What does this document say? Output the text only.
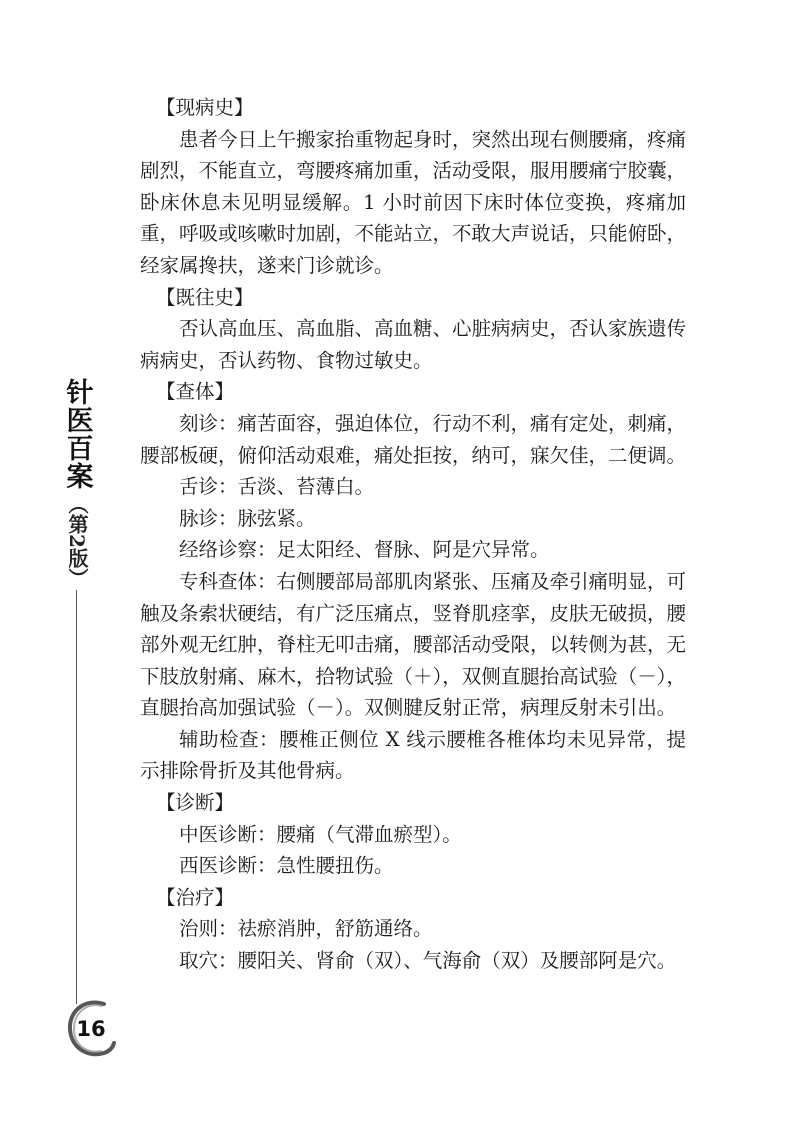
针医百案
（第2版）
16

【现病史】

患者今日上午搬家抬重物起身时，突然出现右侧腰痛，疼痛剧烈，不能直立，弯腰疼痛加重，活动受限，服用腰痛宁胶囊，卧床休息未见明显缓解。1 小时前因下床时体位变换，疼痛加重，呼吸或咳嗽时加剧，不能站立，不敢大声说话，只能俯卧，经家属搀扶，遂来门诊就诊。

【既往史】

否认高血压、高血脂、高血糖、心脏病病史，否认家族遗传病病史，否认药物、食物过敏史。

【查体】

刻诊：痛苦面容，强迫体位，行动不利，痛有定处，刺痛，腰部板硬，俯仰活动艰难，痛处拒按，纳可，寐欠佳，二便调。

舌诊：舌淡、苔薄白。

脉诊：脉弦紧。

经络诊察：足太阳经、督脉、阿是穴异常。

专科查体：右侧腰部局部肌肉紧张、压痛及牵引痛明显，可触及条索状硬结，有广泛压痛点，竖脊肌痉挛，皮肤无破损，腰部外观无红肿，脊柱无叩击痛，腰部活动受限，以转侧为甚，无下肢放射痛、麻木，拾物试验（＋），双侧直腿抬高试验（－），直腿抬高加强试验（－）。双侧腱反射正常，病理反射未引出。

辅助检查：腰椎正侧位 X 线示腰椎各椎体均未见异常，提示排除骨折及其他骨病。

【诊断】

中医诊断：腰痛（气滞血瘀型）。

西医诊断：急性腰扭伤。

【治疗】

治则：祛瘀消肿，舒筋通络。

取穴：腰阳关、肾俞（双）、气海俞（双）及腰部阿是穴。
